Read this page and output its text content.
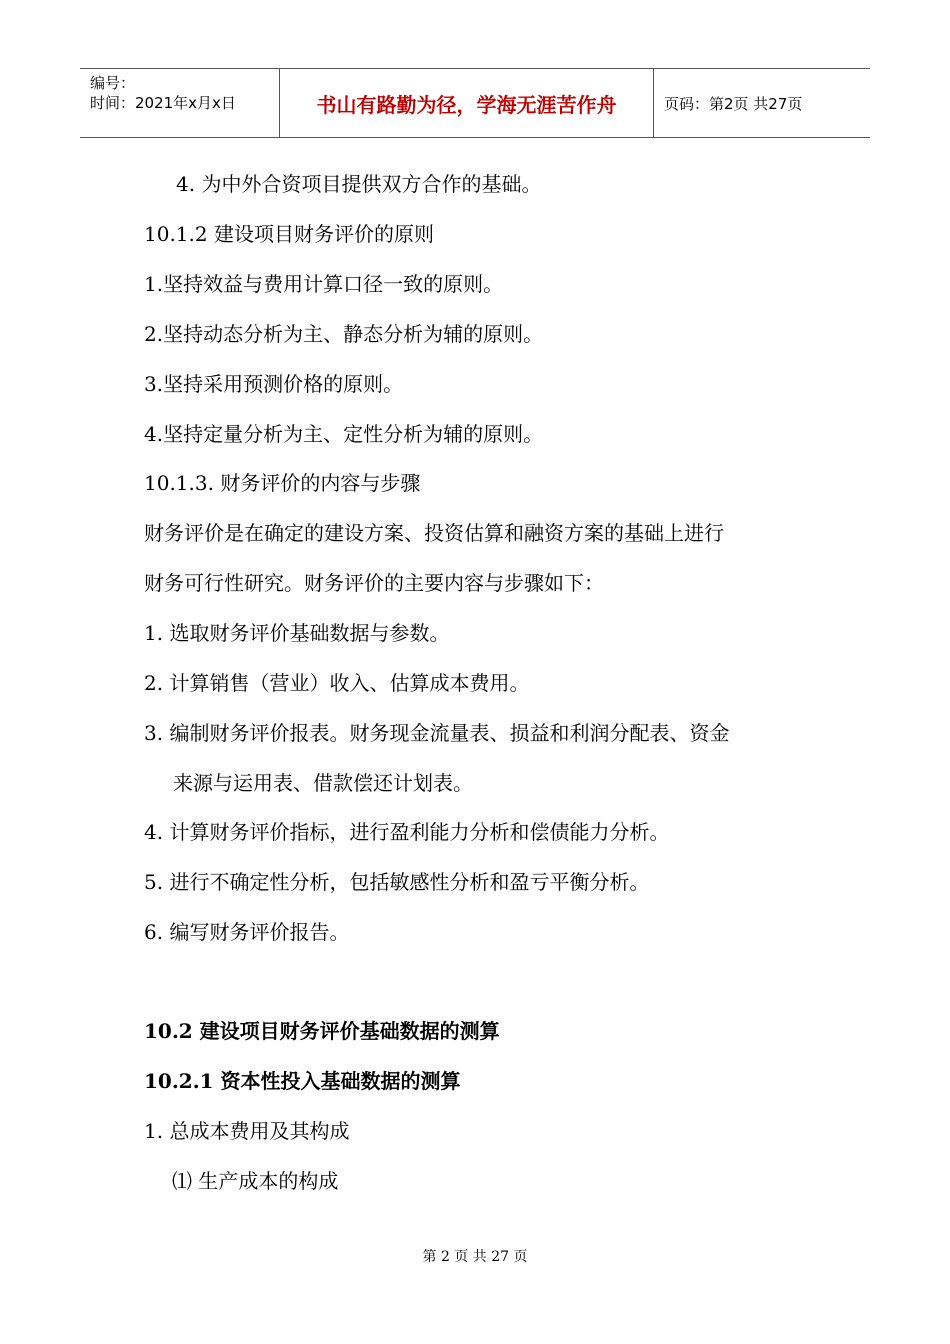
编号：
时间：2021年x月x日	书山有路勤为径，学海无涯苦作舟	页码：第2页 共27页
4. 为中外合资项目提供双方合作的基础。
10.1.2 建设项目财务评价的原则
1.坚持效益与费用计算口径一致的原则。
2.坚持动态分析为主、静态分析为辅的原则。
3.坚持采用预测价格的原则。
4.坚持定量分析为主、定性分析为辅的原则。
10.1.3. 财务评价的内容与步骤
财务评价是在确定的建设方案、投资估算和融资方案的基础上进行
财务可行性研究。财务评价的主要内容与步骤如下：
1. 选取财务评价基础数据与参数。
2. 计算销售（营业）收入、估算成本费用。
3. 编制财务评价报表。财务现金流量表、损益和利润分配表、资金
来源与运用表、借款偿还计划表。
4. 计算财务评价指标，进行盈利能力分析和偿债能力分析。
5. 进行不确定性分析，包括敏感性分析和盈亏平衡分析。
6. 编写财务评价报告。
10.2 建设项目财务评价基础数据的测算
10.2.1 资本性投入基础数据的测算
1. 总成本费用及其构成
⑴ 生产成本的构成
第 2 页 共 27 页
